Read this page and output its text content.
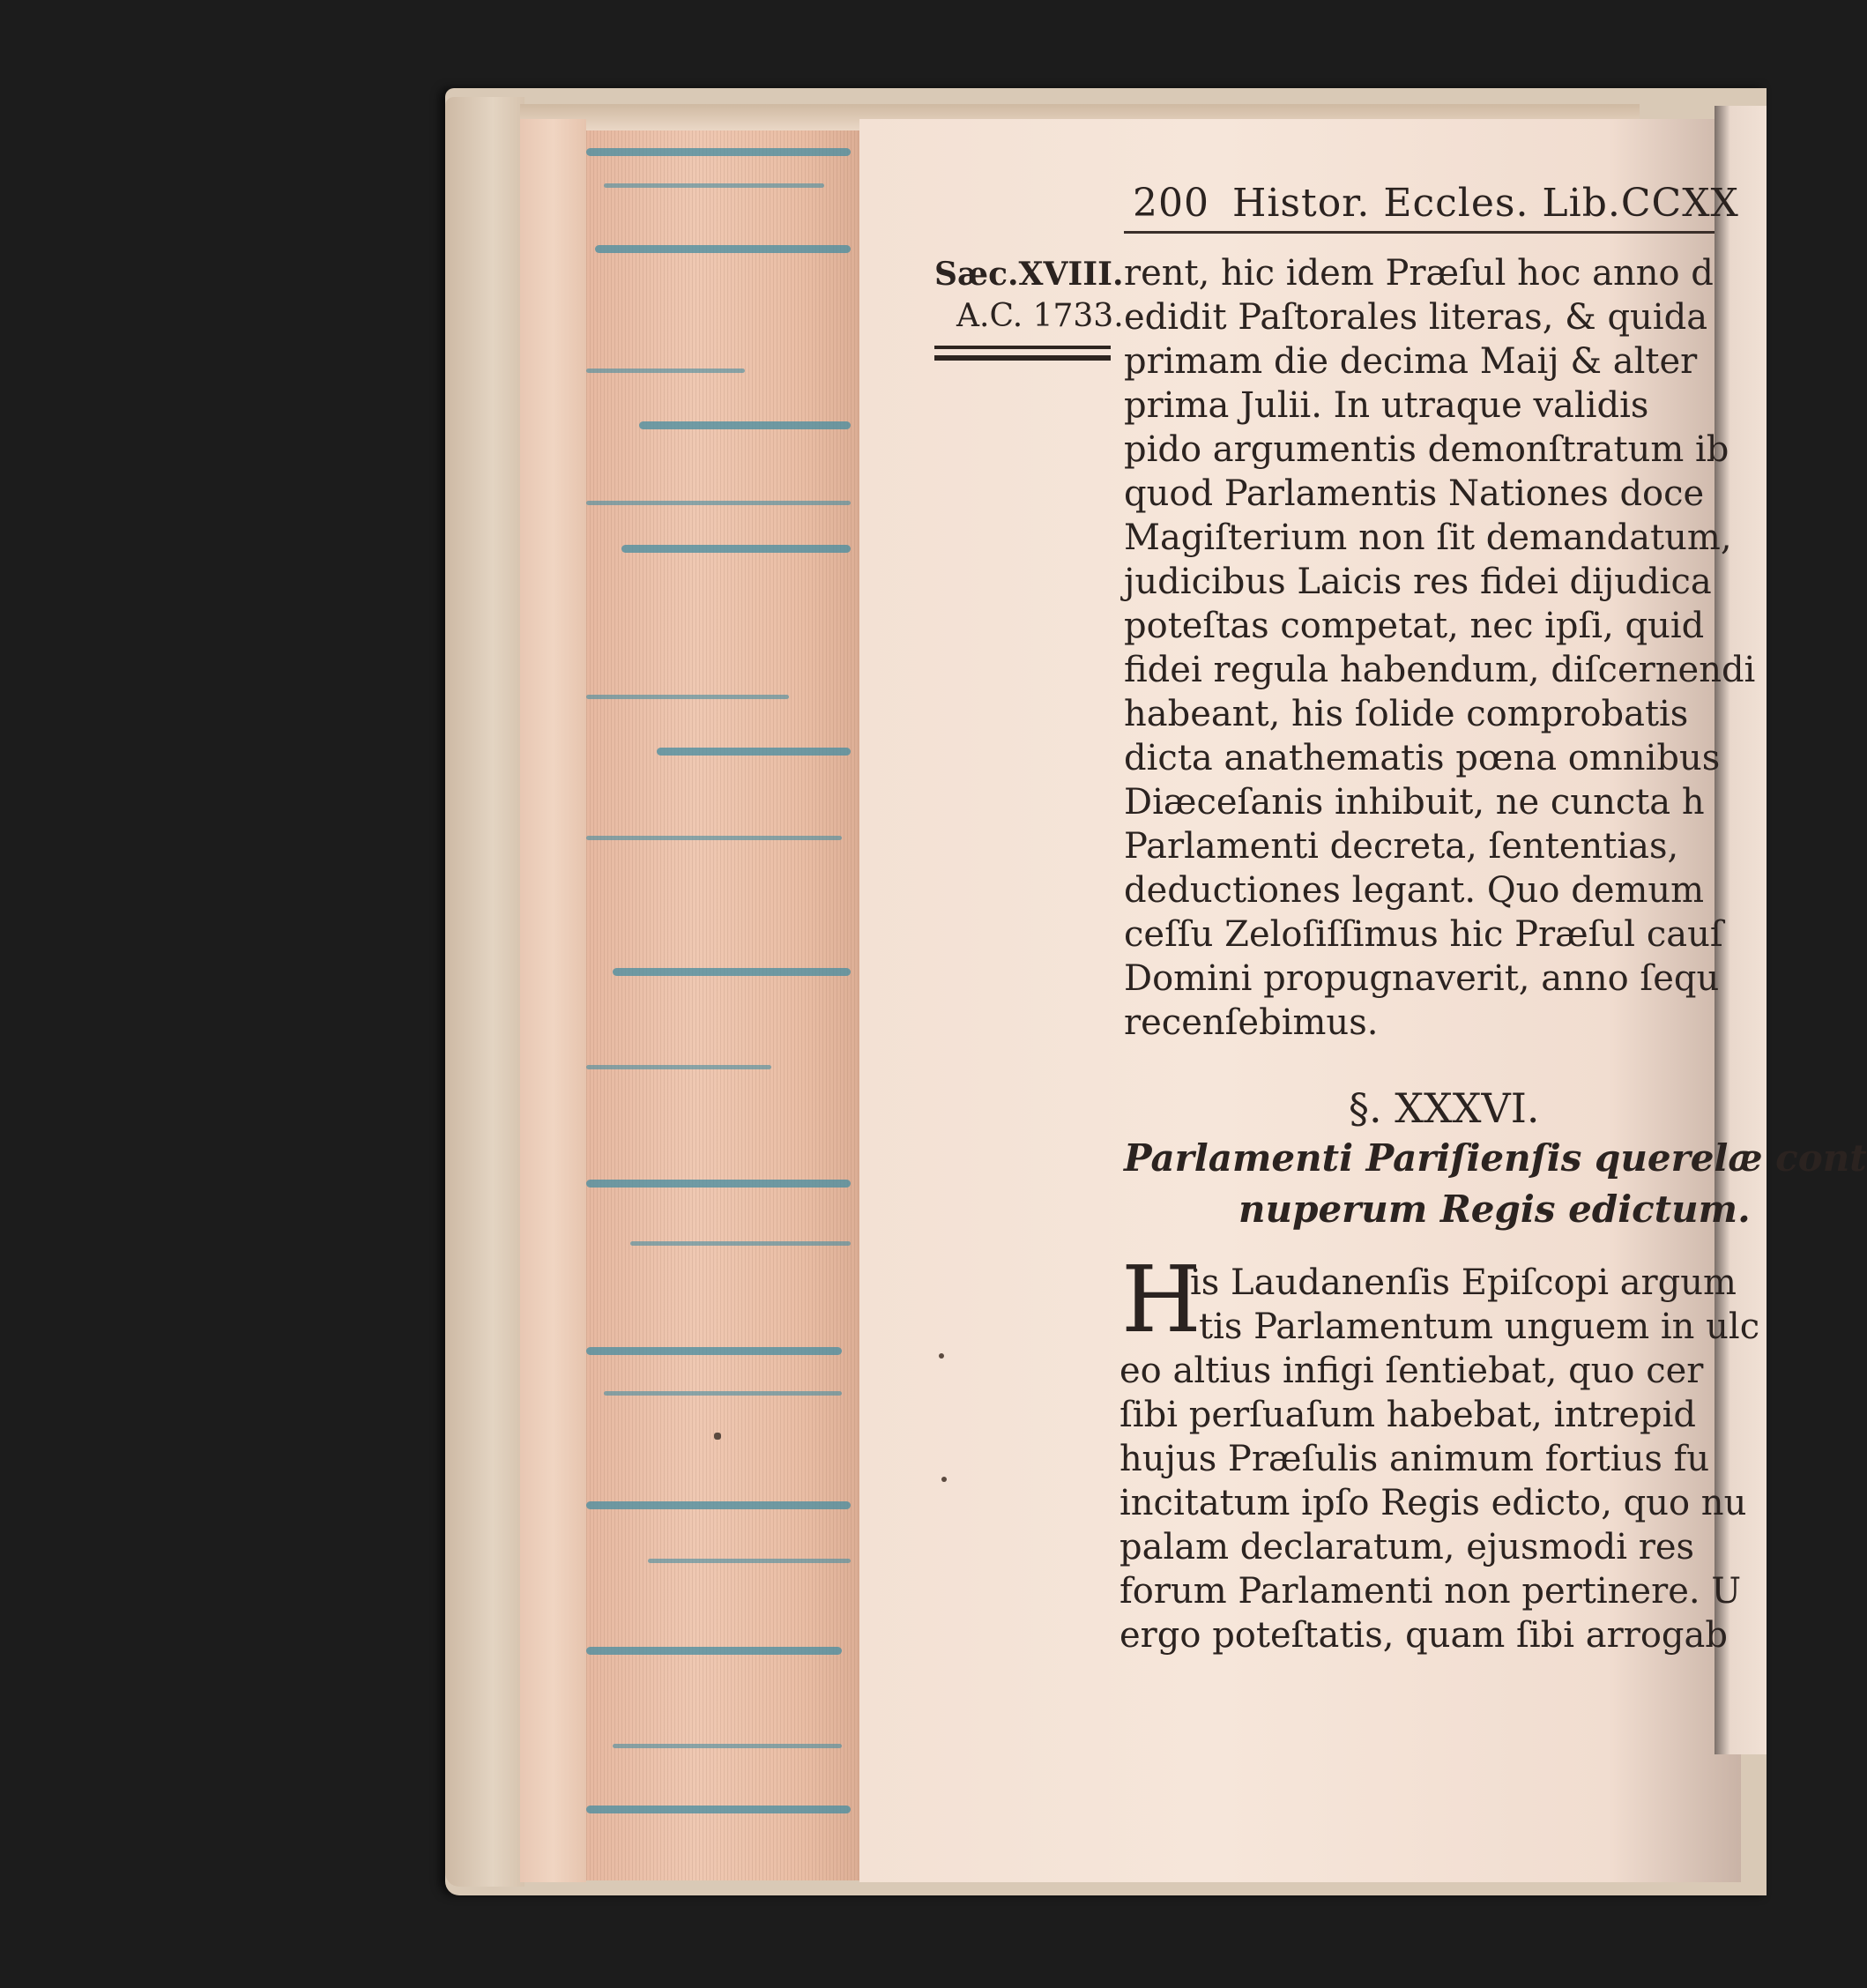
200 Histor. Eccles. Lib.CCXX
Sæc.XVIII.
A.C. 1733.
rent, hic idem Præſul hoc anno d
edidit Paſtorales literas, & quida
primam die decima Maij & alter
prima Julii. In utraque validis
pido argumentis demonſtratum ib
quod Parlamentis Nationes doce
Magiſterium non ſit demandatum,
judicibus Laicis res fidei dijudica
poteſtas competat, nec ipſi, quid
fidei regula habendum, diſcernendi
habeant, his ſolide comprobatis
dicta anathematis pœna omnibus
Diæceſanis inhibuit, ne cuncta h
Parlamenti decreta, ſententias,
deductiones legant. Quo demum
ceſſu Zeloſiſſimus hic Præſul cauſ
Domini propugnaverit, anno ſequ
recenſebimus.
§. XXXVI.
Parlamenti Pariſienſis querelæ cont
nuperum Regis edictum.
H
is Laudanenſis Epiſcopi argum
tis Parlamentum unguem in ulc
eo altius infigi ſentiebat, quo cer
ſibi perſuaſum habebat, intrepid
hujus Præſulis animum fortius fu
incitatum ipſo Regis edicto, quo nu
palam declaratum, ejusmodi res
forum Parlamenti non pertinere. U
ergo poteſtatis, quam ſibi arrogab
